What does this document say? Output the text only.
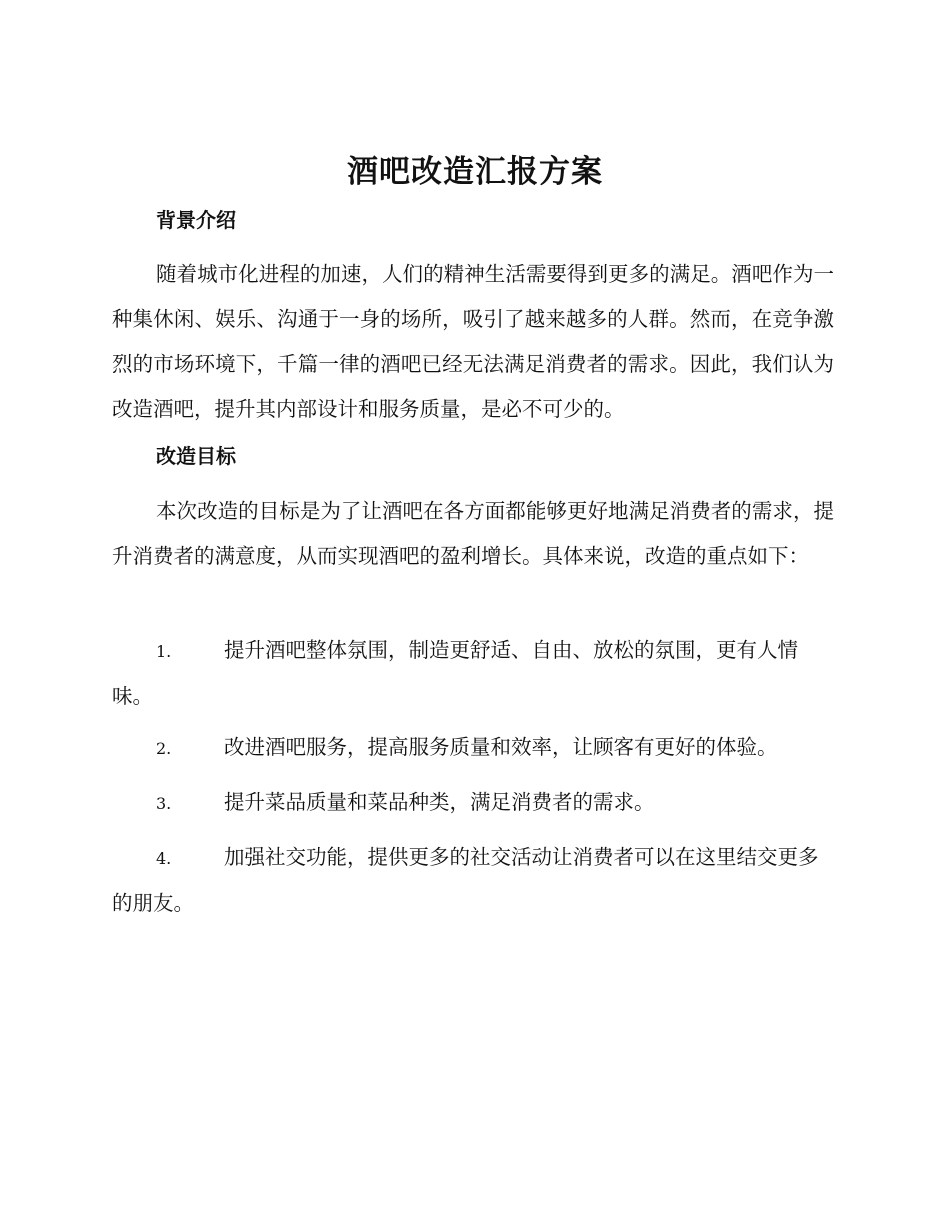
酒吧改造汇报方案
背景介绍

随着城市化进程的加速，人们的精神生活需要得到更多的满足。酒吧作为一种集休闲、娱乐、沟通于一身的场所，吸引了越来越多的人群。然而，在竞争激烈的市场环境下，千篇一律的酒吧已经无法满足消费者的需求。因此，我们认为改造酒吧，提升其内部设计和服务质量，是必不可少的。

改造目标

本次改造的目标是为了让酒吧在各方面都能够更好地满足消费者的需求，提升消费者的满意度，从而实现酒吧的盈利增长。具体来说，改造的重点如下：

1.	提升酒吧整体氛围，制造更舒适、自由、放松的氛围，更有人情味。

2.	改进酒吧服务，提高服务质量和效率，让顾客有更好的体验。

3.	提升菜品质量和菜品种类，满足消费者的需求。

4.	加强社交功能，提供更多的社交活动让消费者可以在这里结交更多的朋友。
